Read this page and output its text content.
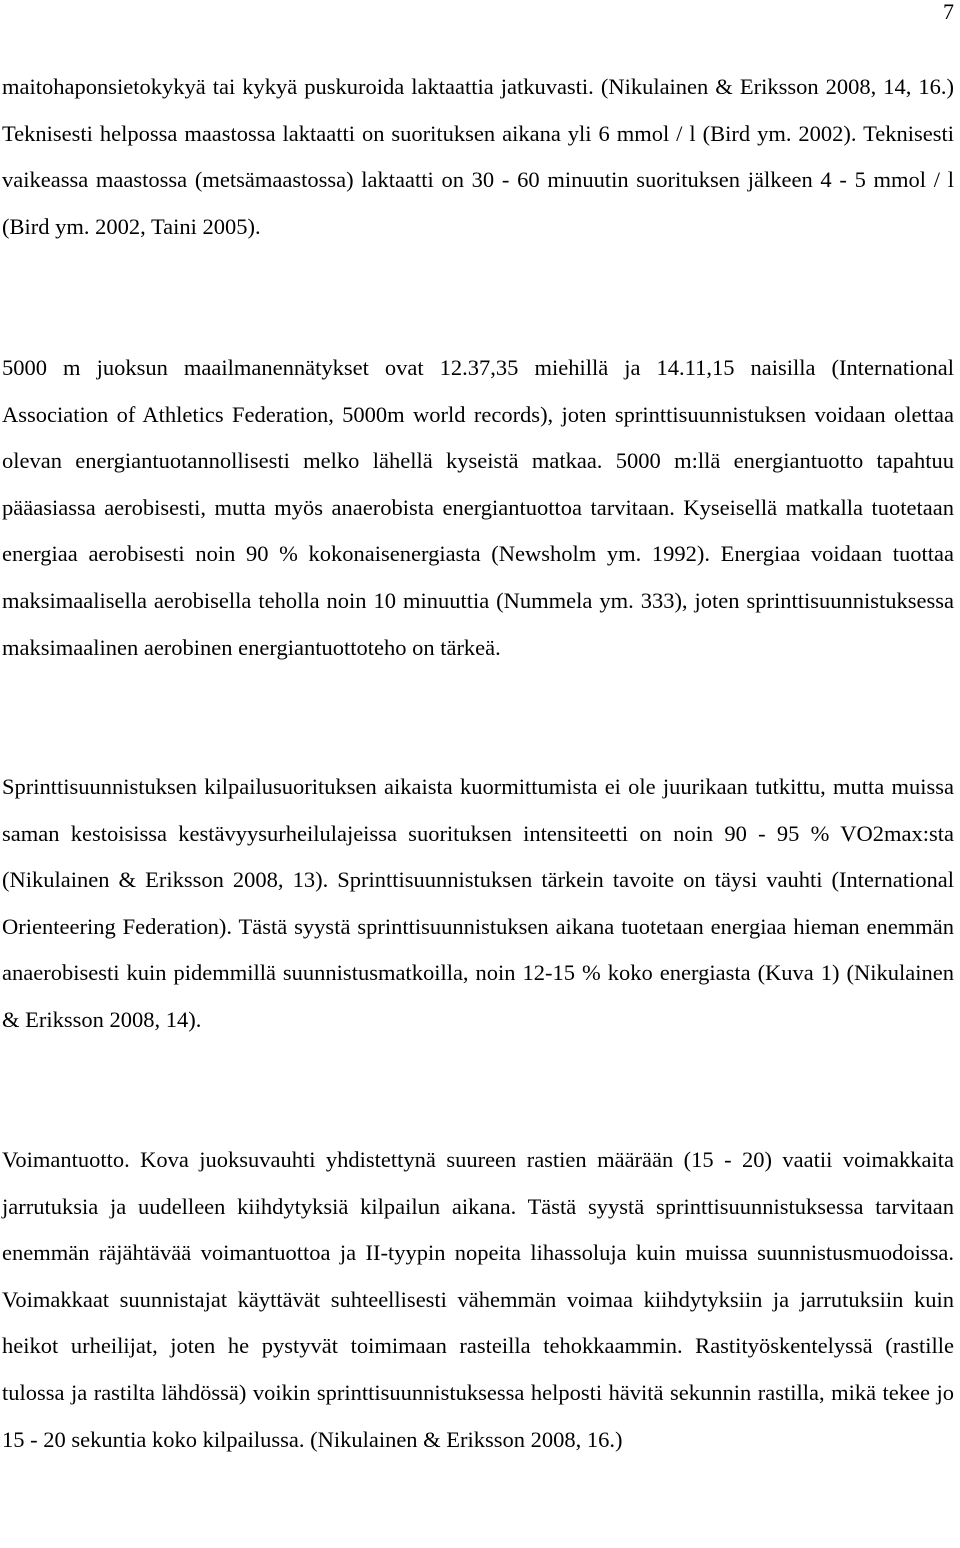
7

maitohaponsietokykyä tai kykyä puskuroida laktaattia jatkuvasti. (Nikulainen & Eriksson 2008, 14, 16.) Teknisesti helpossa maastossa laktaatti on suorituksen aikana yli 6 mmol / l (Bird ym. 2002). Teknisesti vaikeassa maastossa (metsämaastossa) laktaatti on 30 - 60 minuutin suorituksen jälkeen 4 - 5 mmol / l (Bird ym. 2002, Taini 2005).

5000 m juoksun maailmanennätykset ovat 12.37,35 miehillä ja 14.11,15 naisilla (International Association of Athletics Federation, 5000m world records), joten sprinttisuunnistuksen voidaan olettaa olevan energiantuotannollisesti melko lähellä kyseistä matkaa. 5000 m:llä energiantuotto tapahtuu pääasiassa aerobisesti, mutta myös anaerobista energiantuottoa tarvitaan. Kyseisellä matkalla tuotetaan energiaa aerobisesti noin 90 % kokonaisenergiasta (Newsholm ym. 1992). Energiaa voidaan tuottaa maksimaalisella aerobisella teholla noin 10 minuuttia (Nummela ym. 333), joten sprinttisuunnistuksessa maksimaalinen aerobinen energiantuottoteho on tärkeä.

Sprinttisuunnistuksen kilpailusuorituksen aikaista kuormittumista ei ole juurikaan tutkittu, mutta muissa saman kestoisissa kestävyysurheilulajeissa suorituksen intensiteetti on noin 90 - 95 % VO2max:sta (Nikulainen & Eriksson 2008, 13). Sprinttisuunnistuksen tärkein tavoite on täysi vauhti (International Orienteering Federation). Tästä syystä sprinttisuunnistuksen aikana tuotetaan energiaa hieman enemmän anaerobisesti kuin pidemmillä suunnistusmatkoilla, noin 12-15 % koko energiasta (Kuva 1) (Nikulainen & Eriksson 2008, 14).

Voimantuotto. Kova juoksuvauhti yhdistettynä suureen rastien määrään (15 - 20) vaatii voimakkaita jarrutuksia ja uudelleen kiihdytyksiä kilpailun aikana. Tästä syystä sprinttisuunnistuksessa tarvitaan enemmän räjähtävää voimantuottoa ja II-tyypin nopeita lihassoluja kuin muissa suunnistusmuodoissa. Voimakkaat suunnistajat käyttävät suhteellisesti vähemmän voimaa kiihdytyksiin ja jarrutuksiin kuin heikot urheilijat, joten he pystyvät toimimaan rasteilla tehokkaammin. Rastityöskentelyssä (rastille tulossa ja rastilta lähdössä) voikin sprinttisuunnistuksessa helposti hävitä sekunnin rastilla, mikä tekee jo 15 - 20 sekuntia koko kilpailussa. (Nikulainen & Eriksson 2008, 16.)
